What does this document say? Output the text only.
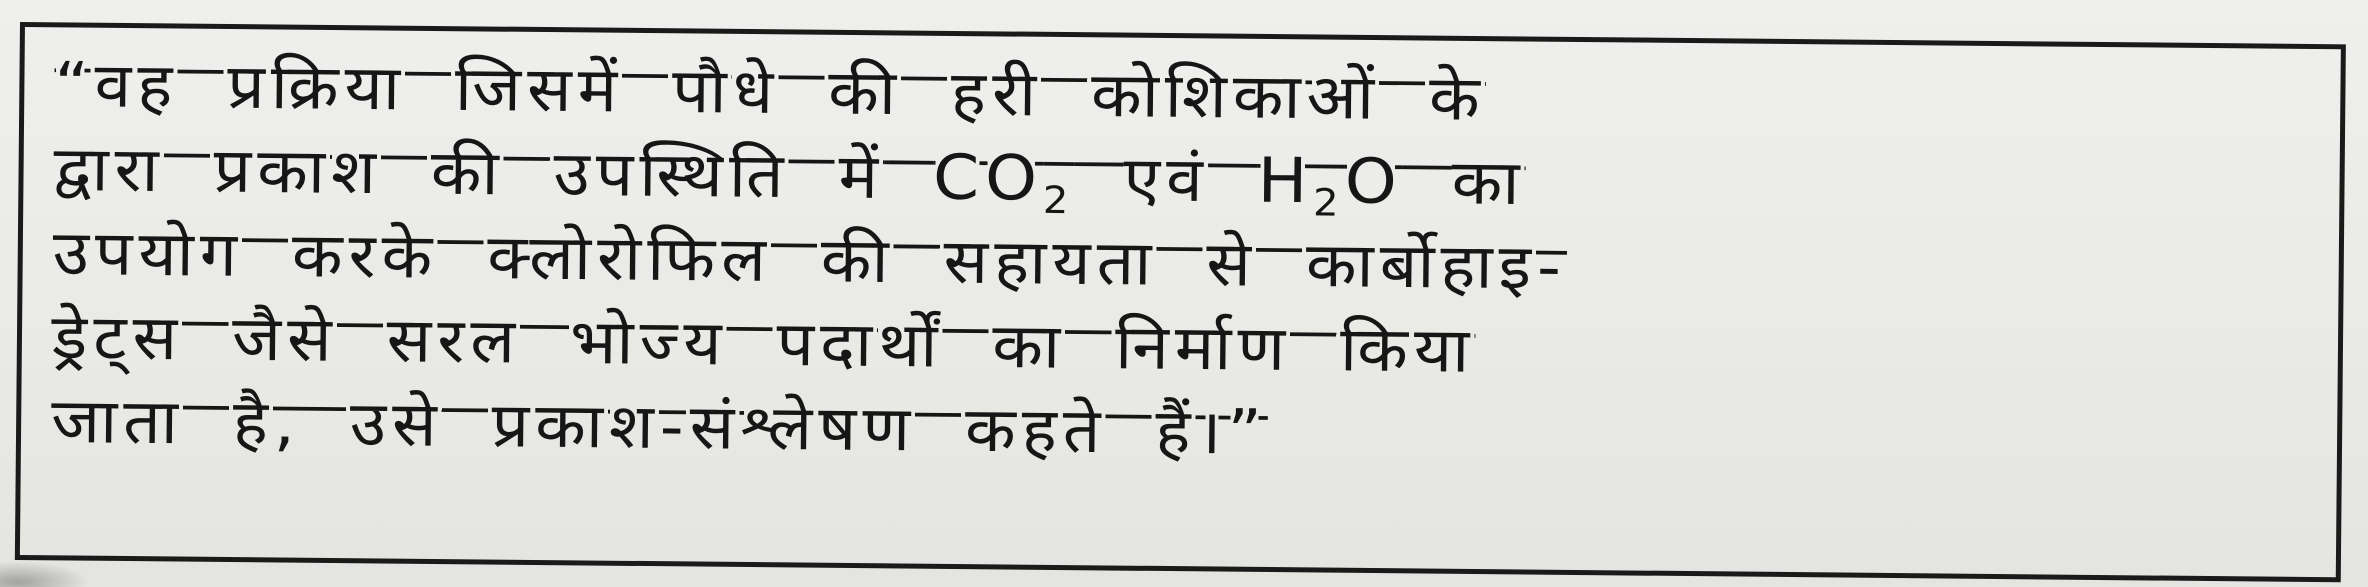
“वह प्रक्रिया जिसमें पौधे की हरी कोशिकाओं के
द्वारा प्रकाश की उपस्थिति में $CO_2$ एवं $H_2O$ का
उपयोग करके क्लोरोफिल की सहायता से कार्बोहाइ-
ड्रेट्स जैसे सरल भोज्य पदार्थों का निर्माण किया
जाता है, उसे प्रकाश-संश्लेषण कहते हैं।”
